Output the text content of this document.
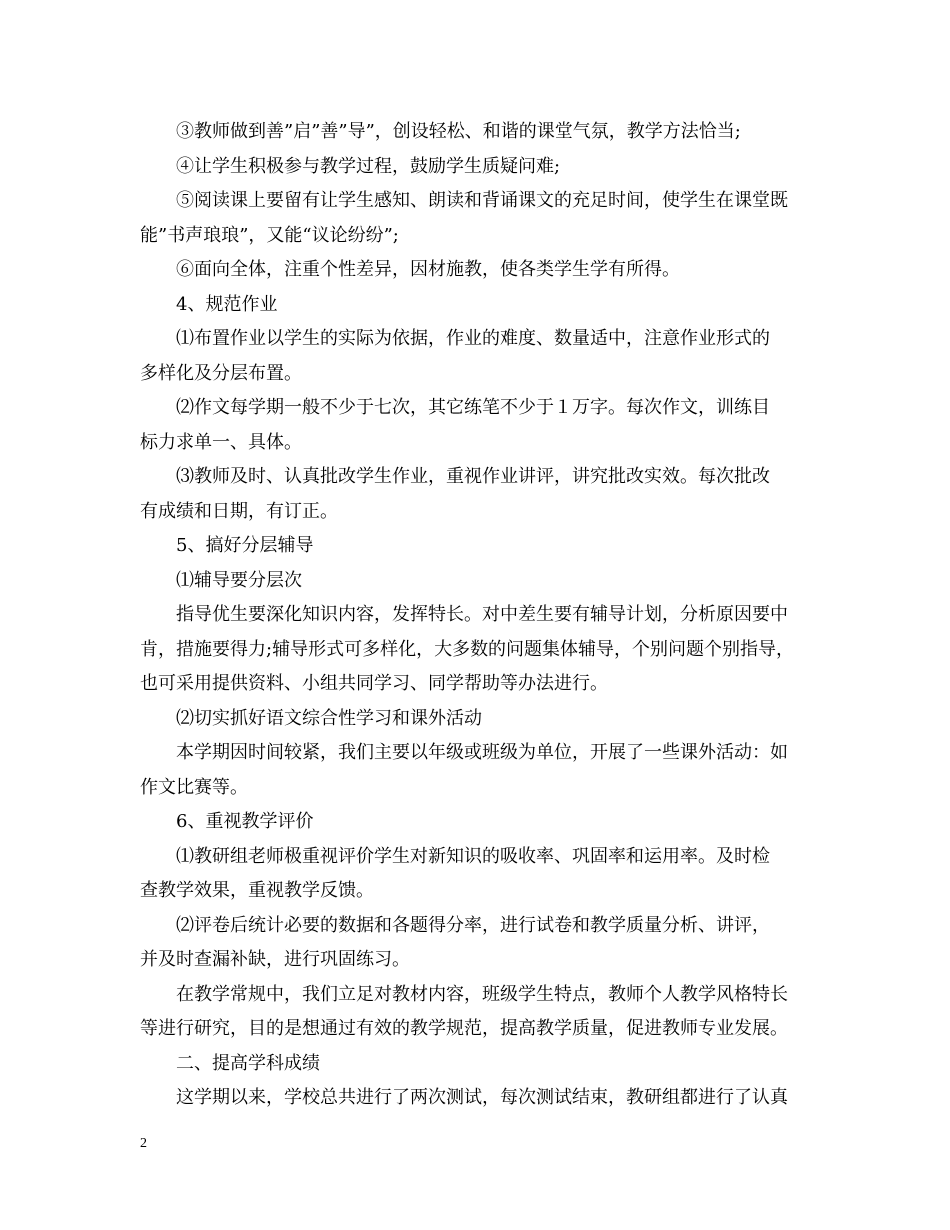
③教师做到善”启”善”导”，创设轻松、和谐的课堂气氛，教学方法恰当;

④让学生积极参与教学过程，鼓励学生质疑问难;

⑤阅读课上要留有让学生感知、朗读和背诵课文的充足时间，使学生在课堂既

能”书声琅琅”，又能“议论纷纷”;

⑥面向全体，注重个性差异，因材施教，使各类学生学有所得。

4、规范作业

⑴布置作业以学生的实际为依据，作业的难度、数量适中，注意作业形式的

多样化及分层布置。

⑵作文每学期一般不少于七次，其它练笔不少于１万字。每次作文，训练目

标力求单一、具体。

⑶教师及时、认真批改学生作业，重视作业讲评，讲究批改实效。每次批改

有成绩和日期，有订正。

5、搞好分层辅导

⑴辅导要分层次

指导优生要深化知识内容，发挥特长。对中差生要有辅导计划，分析原因要中

肯，措施要得力;辅导形式可多样化，大多数的问题集体辅导，个别问题个别指导，

也可采用提供资料、小组共同学习、同学帮助等办法进行。

⑵切实抓好语文综合性学习和课外活动

本学期因时间较紧，我们主要以年级或班级为单位，开展了一些课外活动：如

作文比赛等。

6、重视教学评价

⑴教研组老师极重视评价学生对新知识的吸收率、巩固率和运用率。及时检

查教学效果，重视教学反馈。

⑵评卷后统计必要的数据和各题得分率，进行试卷和教学质量分析、讲评，

并及时查漏补缺，进行巩固练习。

在教学常规中，我们立足对教材内容，班级学生特点，教师个人教学风格特长

等进行研究，目的是想通过有效的教学规范，提高教学质量，促进教师专业发展。

二、提高学科成绩

这学期以来，学校总共进行了两次测试，每次测试结束，教研组都进行了认真

2
